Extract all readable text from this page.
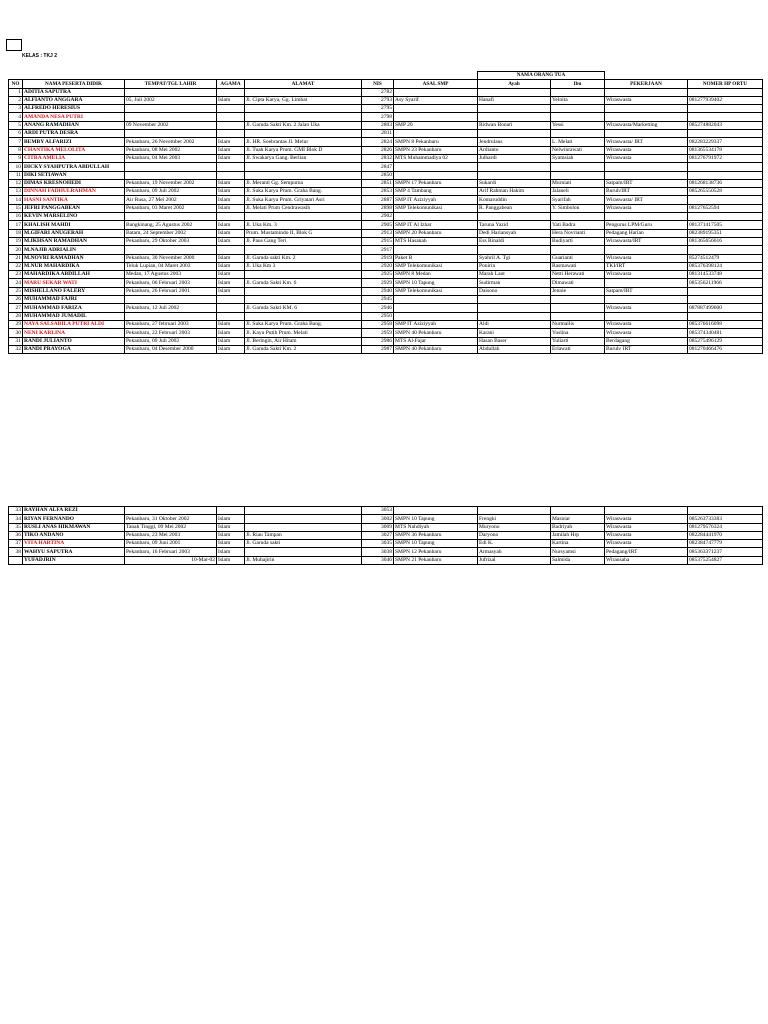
KELAS : TKJ 2
							NAMA ORANG TUA			
NO	NAMA PESERTA DIDIK	TEMPAT/TGL LAHIR	AGAMA	ALAMAT	NIS	ASAL SMP	Ayah	Ibu	PEKERJAAN	NOMER HP ORTU
1	ADITIA SAPUTRA				2782					
2	ALFIANTO ANGGARA	05, Juli 2002	Islam	Jl. Cipta Karya, Gg. Limbat	2793	Asy Syarif	Hanafi	Yelnita	Wiraswasta	081277939402
3	ALFREDO HERESIUS				2795					
4	AMANDA NESA PUTRI				2798					
5	ANANG RAMADHAN	09 November 2002		Jl. Garuda Sakti Km. 2 Jalan Uka	2803	SMP 20	Ridwan Bonari	Yessi	Wiraswasta/Marketting	085274882043
6	ARDI PUTRA DESRA				2811					
7	BEMBY ALFARIZI	Pekanbaru, 26 November 2002	Islam	Jl. HR. Soebrantas Jl. Melur	2824	SMPN 8 Pekanbaru	Jendrulaus	L. Melati	Wiraswasta/ IRT	082283229337
8	CHANTIKA MELOLITA	Pekanbaru, 08 Mei 2002	Islam	Jl. Tuah Karya Prum. GMI Blok D	2826	SMPN 23 Pekanbaru	Ardianto	Nelwinrawati	Wiraswasta	081365534178
9	CITRA AMELIA	Pekanbaru, 04 Mei 2003	Islam	Jl. Swakarya Gang. Berlian	2832	MTS Muhammadiya 02	Julhardi	Syamsiah	Wiraswasta	081276791972
10	DICKY SYAHPUTRA ABDULLAH				2847					
11	DIKI SETIAWAN				2850					
12	DIMAS KRESNOHEDI	Pekanbaru, 19 November 2002	Islam	Jl. Meranti Gg. Sempurna	2851	SMPN 17 Pekanbaru	Sukardi	Murniati	Satpam/IRT	081268138736
13	DINNAH FADHULRAHMAN	Pekanbaru, 09 Juli 2002	Islam	Jl. Suka Karya Prum. Graha Bang.	2853	SMP 4 Tambang	Arif Rahman Hakim	Jalaneli	Buruh/IRT	085265550528
14	HASNI SANTIKA	Air Rusa, 27 Mei 2002	Islam	Jl. Suka Karya Prum. Griyatari Asri	2887	SMP IT Aziziyyah	Komaruddin	Syarifah	Wiraswasta/ IRT	
15	JEFRI PANGGABEAN	Pekanbaru, 03 Maret 2002	Islam	Jl. Melati Prum Cendrawasih	2898	SMP Telekomunikasi	R. Panggabean	Y. Simbolon	Wiraswasta	08127652594
16	KEVIN MARSELINO				2902					
17	KHALISH MAHDI	Bangkinang, 25 Agustus 2002	Islam	Jl. Uka Km. 3	2905	SMP IT Al Izhar	Taruna Yazid	Yati Badra	Pengurus LPM/Guru	081371417505
18	M.GIFARI ANUGERAH	Batam, 24 September 2002	Islam	Prum. Mustamindo II, Blok G	2913	SMPN 20 Pekanbaru	Dedi Hariansyah	Hera Novrianti	Pedagang Harian	082389195351
19	M.IKHSAN RAMADHAN	Pekanbaru, 29 Oktober 2003	Islam	Jl. Paus Gang Teri	2915	MTS Hasanah	Ess Rinaldi	Budiyarti	Wiraswasta/IRT	081365656616
20	M.NAJIB ADRIALIN				2917					
21	M.NOVRI RAMADHAN	Pekanbaru, 30 November 2000	Islam	Jl. Garuda sakti Km. 2	2919	Paket B	Syahril A. Tgi	Guarianti	Wiraswasta	85274512479
22	M.NUR MAHARDIKA	Teluk Lupian, 04 Maret 2003	Islam	Jl. Uka Km 3	2920	SMP Telekomunikasi	Ponirin	Rasmawati	TKI/IRT	085376398124
23	MAHARDIKA ABDILLAH	Medan, 17 Agustus 2003	Islam		2925	SMPN 8 Medan	Marah Laut	Netti Herawati	Wiraswasta	081314533748
24	MARU SEKAR WATI	Pekanbaru, 06 Februari 2003	Islam	Jl. Garuda Sakti Km. 6	2929	SMPN 10 Tapung	Sudirman	Dimawati		085356211966
25	MISHELLANO FALERY	Pekanbaru, 26 Februari 2001	Islam		2940	SMP Telekomunikasi	Daisono	Jennie	Satpam/IRT	
26	MUHAMMAD FAJRI				2945					
27	MUHAMMAD FARIZA	Pekanbaru, 12 Juli 2002		Jl. Garuda Sakti KM. 6	2946				Wiraswasta	087887499600
28	MUHAMMAD JUMADIL				2950					
29	NAYA SALSABILA PUTRI ALDI	Pekanbaru, 27 februari 2003	Islam	Jl. Suka Karya Prum. Graha Bang.	2958	SMP IT Aziziyyah	Aldi	Nurmailis	Wiraswasta	085376616098
30	NENI KARLINA	Pekanbaru, 22 Februari 2003	Islam	Jl. Kayu Putih Prum. Melati	2959	SMPN 40 Pekanbaru	Karani	Yuslina	Wiraswasta	085374340481
31	RANDI JULIANTO	Pekanbaru, 09 Juli 2002	Islam	Jl. Beringin, Air Hitam	2986	MTS Al-Fajar	Hasan Baser	Yuliarti	Berdagang	085275496129
32	RANDI PRAYOGA	Pekanbaru, 04 Desember 2000	Islam	Jl. Garuda Sakti Km. 2	2987	SMPN 40 Pekanbaru	Abdullah	Erlawati	Buruh/ IRT	081270466476
33	RAYHAN ALFA REZI				3053					
34	RIYAN FERNANDO	Pekanbaru, 31 Oktober 2002	Islam		3002	SMPN 10 Tapung	Frengki	Masniar	Wiraswasta	085263733383
35	RUSLI ANAS HIKMAWAN	Tanah Tinggi, 09 Mei 2002	Islam		3009	MTS Nahdiyah	Muryono	Badriyah	Wiraswasta	081279576324
36	TIKO ANDANO	Pekanbaru, 23 Mei 2003	Islam	Jl. Riau Tampan	3027	SMPN 36 Pekanbaru	Daryono	Jamilah Hrp	Wiraswasta	082284441970
37	VITA HARTINA	Pekanbaru, 09 Juni 2001	Islam	Jl. Garuda sakti	3035	SMPN 10 Tapung	Edi K.	Kartina	Wiraswasta	082384747779
38	WAHYU SAPUTRA	Pekanbaru, 16 Februari 2003	Islam		3038	SMPN 12 Pekanbaru	Armasyah	Nursyamsi	Pedagang/IRT	085363371237
	YUFADJRIN	10-Mar-02	Islam	Jl. Muhajirin	3046	SMPN 21 Pekanbaru	Jufrizal	Salmida	Wirausaha	085375254827
